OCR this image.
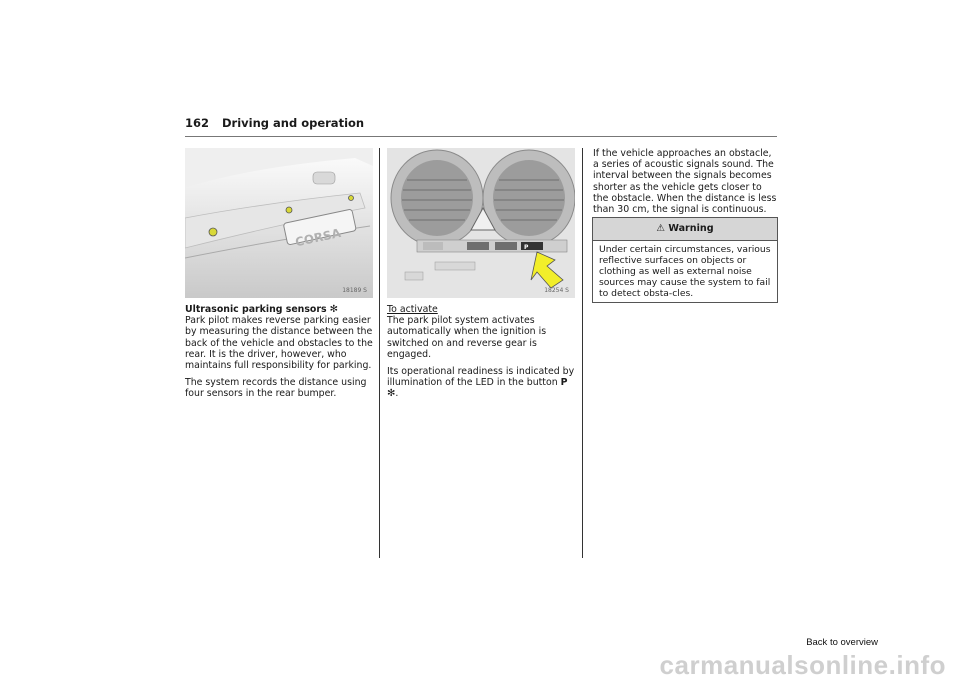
162 Driving and operation
CORSA
18189 S
P
18254 S

Ultrasonic parking sensors ✻
Park pilot makes reverse parking easier by measuring the distance between the back of the vehicle and obstacles to the rear. It is the driver, however, who maintains full responsibility for parking.

The system records the distance using four sensors in the rear bumper.

To activate
The park pilot system activates automatically when the ignition is switched on and reverse gear is engaged.

Its operational readiness is indicated by illumination of the LED in the button P ✻.

If the vehicle approaches an obstacle, a series of acoustic signals sound. The interval between the signals becomes shorter as the vehicle gets closer to the obstacle. When the distance is less than 30 cm, the signal is continuous.

⚠ Warning
Under certain circumstances, various reflective surfaces on objects or clothing as well as external noise sources may cause the system to fail to detect obsta-cles.
Back to overview
carmanualsonline.info
